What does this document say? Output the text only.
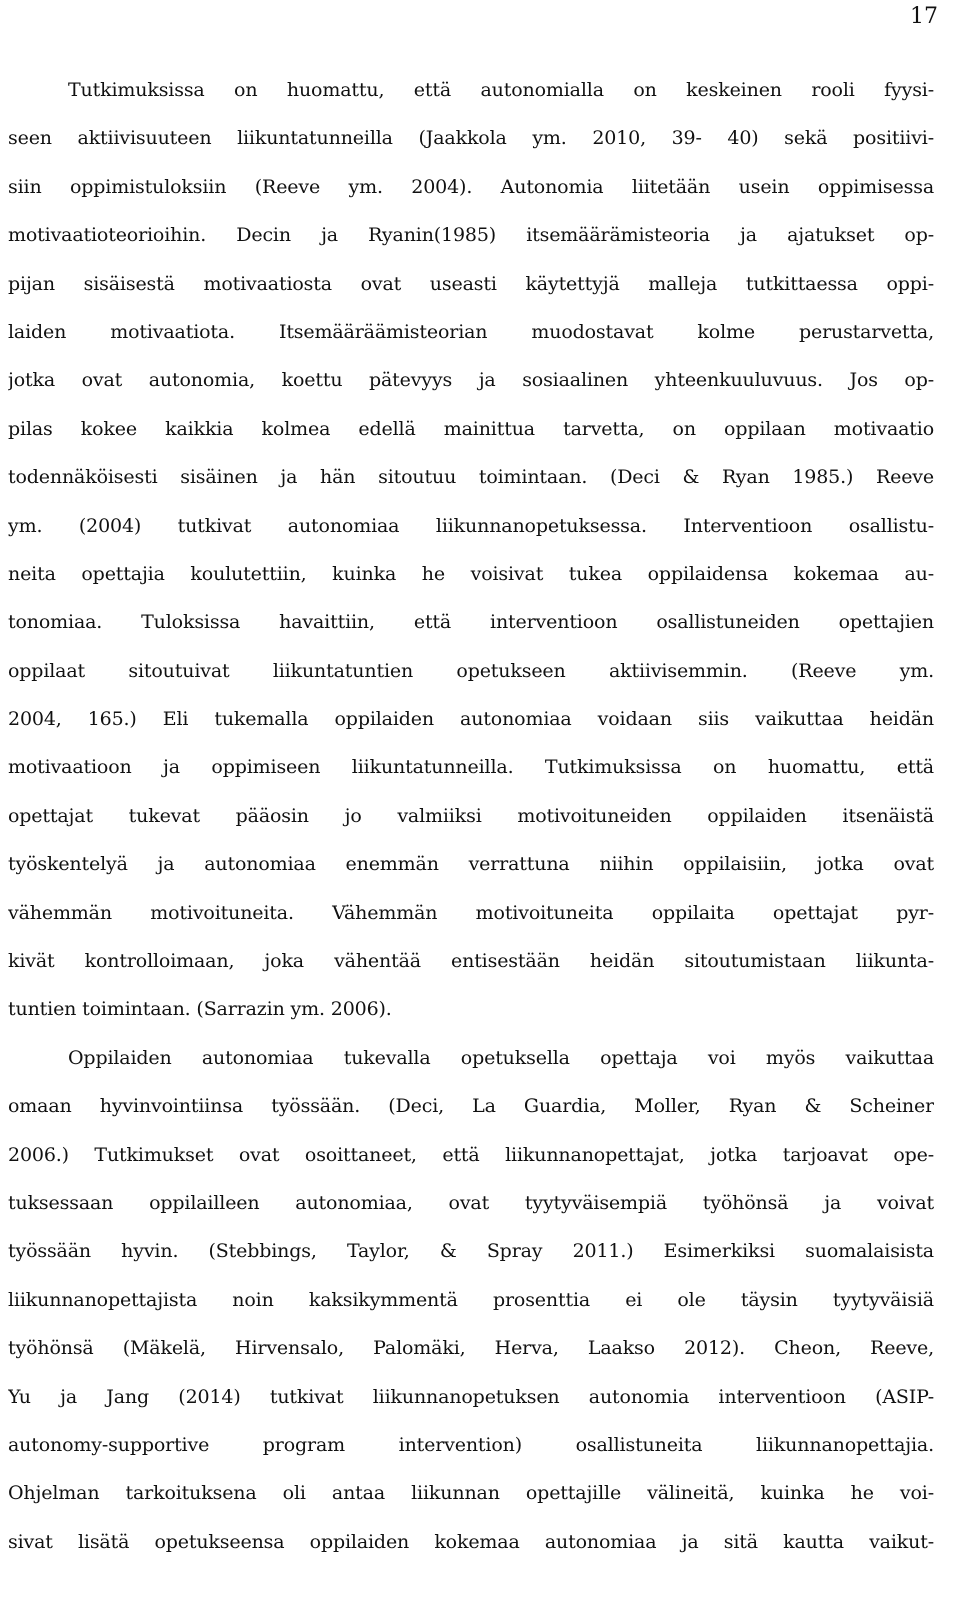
17
Tutkimuksissa on huomattu, että autonomialla on keskeinen rooli fyysi-
seen aktiivisuuteen liikuntatunneilla (Jaakkola ym. 2010, 39- 40) sekä positiivi-
siin oppimistuloksiin (Reeve ym. 2004). Autonomia liitetään usein oppimisessa
motivaatioteorioihin. Decin ja Ryanin(1985) itsemäärämisteoria ja ajatukset op-
pijan sisäisestä motivaatiosta ovat useasti käytettyjä malleja tutkittaessa oppi-
laiden motivaatiota. Itsemääräämisteorian muodostavat kolme perustarvetta,
jotka ovat autonomia, koettu pätevyys ja sosiaalinen yhteenkuuluvuus. Jos op-
pilas kokee kaikkia kolmea edellä mainittua tarvetta, on oppilaan motivaatio
todennäköisesti sisäinen ja hän sitoutuu toimintaan. (Deci & Ryan 1985.) Reeve
ym. (2004) tutkivat autonomiaa liikunnanopetuksessa. Interventioon osallistu-
neita opettajia koulutettiin, kuinka he voisivat tukea oppilaidensa kokemaa au-
tonomiaa. Tuloksissa havaittiin, että interventioon osallistuneiden opettajien
oppilaat sitoutuivat liikuntatuntien opetukseen aktiivisemmin. (Reeve ym.
2004, 165.) Eli tukemalla oppilaiden autonomiaa voidaan siis vaikuttaa heidän
motivaatioon ja oppimiseen liikuntatunneilla. Tutkimuksissa on huomattu, että
opettajat tukevat pääosin jo valmiiksi motivoituneiden oppilaiden itsenäistä
työskentelyä ja autonomiaa enemmän verrattuna niihin oppilaisiin, jotka ovat
vähemmän motivoituneita. Vähemmän motivoituneita oppilaita opettajat pyr-
kivät kontrolloimaan, joka vähentää entisestään heidän sitoutumistaan liikunta-
tuntien toimintaan. (Sarrazin ym. 2006).
Oppilaiden autonomiaa tukevalla opetuksella opettaja voi myös vaikuttaa
omaan hyvinvointiinsa työssään. (Deci, La Guardia, Moller, Ryan & Scheiner
2006.) Tutkimukset ovat osoittaneet, että liikunnanopettajat, jotka tarjoavat ope-
tuksessaan oppilailleen autonomiaa, ovat tyytyväisempiä työhönsä ja voivat
työssään hyvin. (Stebbings, Taylor, & Spray 2011.) Esimerkiksi suomalaisista
liikunnanopettajista noin kaksikymmentä prosenttia ei ole täysin tyytyväisiä
työhönsä (Mäkelä, Hirvensalo, Palomäki, Herva, Laakso 2012). Cheon, Reeve,
Yu ja Jang (2014) tutkivat liikunnanopetuksen autonomia interventioon (ASIP-
autonomy-supportive program intervention) osallistuneita liikunnanopettajia.
Ohjelman tarkoituksena oli antaa liikunnan opettajille välineitä, kuinka he voi-
sivat lisätä opetukseensa oppilaiden kokemaa autonomiaa ja sitä kautta vaikut-
